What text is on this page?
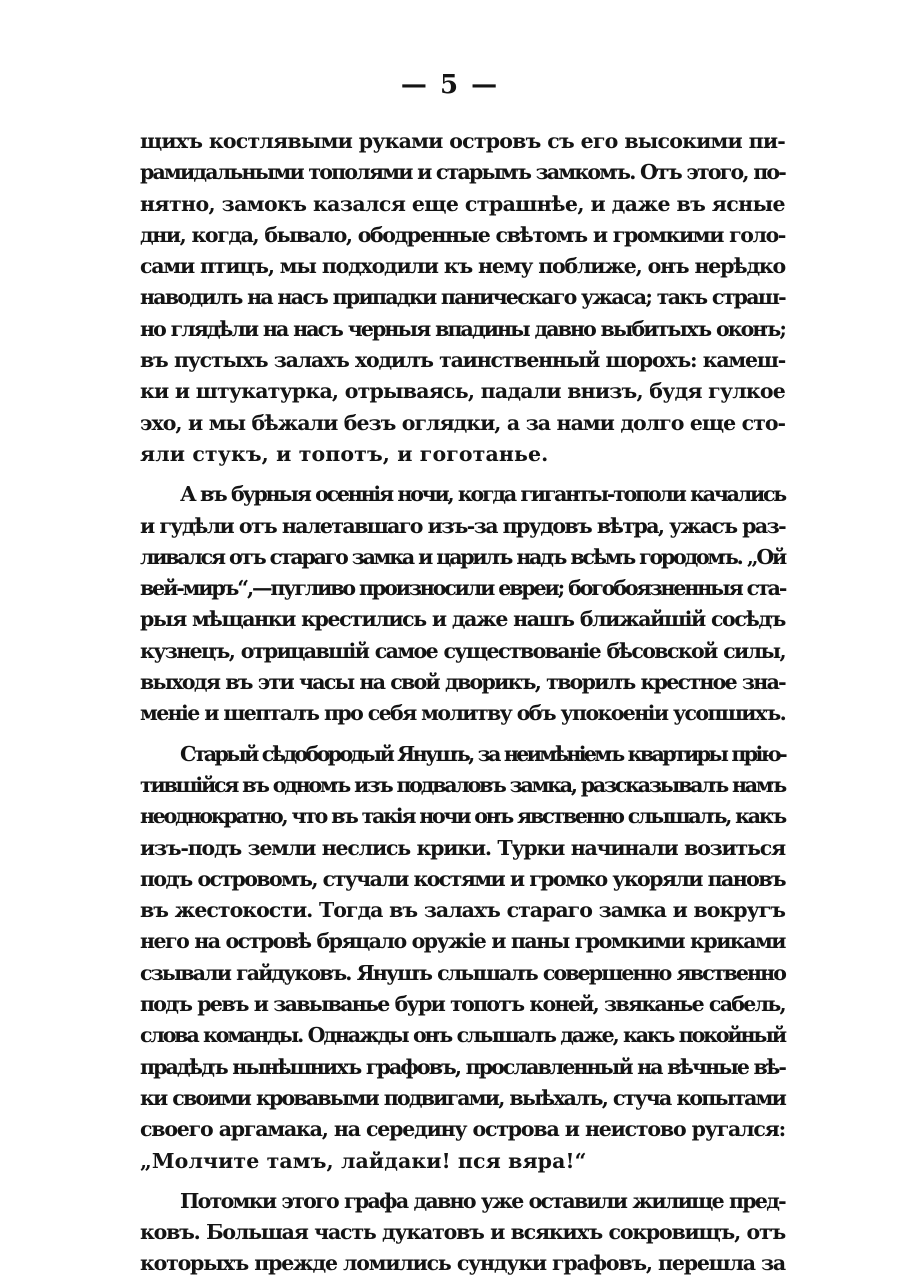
— 5 —
щихъ костлявыми руками островъ съ его высокими пи-
рамидальными тополями и старымъ замкомъ. Отъ этого, по-
нятно, замокъ казался еще страшнѣе, и даже въ ясные
дни, когда, бывало, ободренные свѣтомъ и громкими голо-
сами птицъ, мы подходили къ нему поближе, онъ нерѣдко
наводилъ на насъ припадки паническаго ужаса; такъ страш-
но глядѣли на насъ черныя впадины давно выбитыхъ оконъ;
въ пустыхъ залахъ ходилъ таинственный шорохъ: камеш-
ки и штукатурка, отрываясь, падали внизъ, будя гулкое
эхо, и мы бѣжали безъ оглядки, а за нами долго еще сто-
яли стукъ, и топотъ, и гоготанье.
А въ бурныя осеннія ночи, когда гиганты-тополи качались
и гудѣли отъ налетавшаго изъ-за прудовъ вѣтра, ужасъ раз-
ливался отъ стараго замка и царилъ надъ всѣмъ городомъ. „Ой
вей-миръ“,—пугливо произносили евреи; богобоязненныя ста-
рыя мѣщанки крестились и даже нашъ ближайшій сосѣдъ
кузнецъ, отрицавшій самое существованіе бѣсовской силы,
выходя въ эти часы на свой дворикъ, творилъ крестное зна-
меніе и шепталъ про себя молитву объ упокоеніи усопшихъ.
Старый сѣдобородый Янушъ, за неимѣніемъ квартиры прію-
тившійся въ одномъ изъ подваловъ замка, разсказывалъ намъ
неоднократно, что въ такія ночи онъ явственно слышалъ, какъ
изъ-подъ земли неслись крики. Турки начинали возиться
подъ островомъ, стучали костями и громко укоряли пановъ
въ жестокости. Тогда въ залахъ стараго замка и вокругъ
него на островѣ бряцало оружіе и паны громкими криками
сзывали гайдуковъ. Янушъ слышалъ совершенно явственно
подъ ревъ и завыванье бури топотъ коней, звяканье сабель,
слова команды. Однажды онъ слышалъ даже, какъ покойный
прадѣдъ нынѣшнихъ графовъ, прославленный на вѣчные вѣ-
ки своими кровавыми подвигами, выѣхалъ, стуча копытами
своего аргамака, на середину острова и неистово ругался:
„Молчите тамъ, лайдаки! пся вяра!“
Потомки этого графа давно уже оставили жилище пред-
ковъ. Большая часть дукатовъ и всякихъ сокровищъ, отъ
которыхъ прежде ломились сундуки графовъ, перешла за
